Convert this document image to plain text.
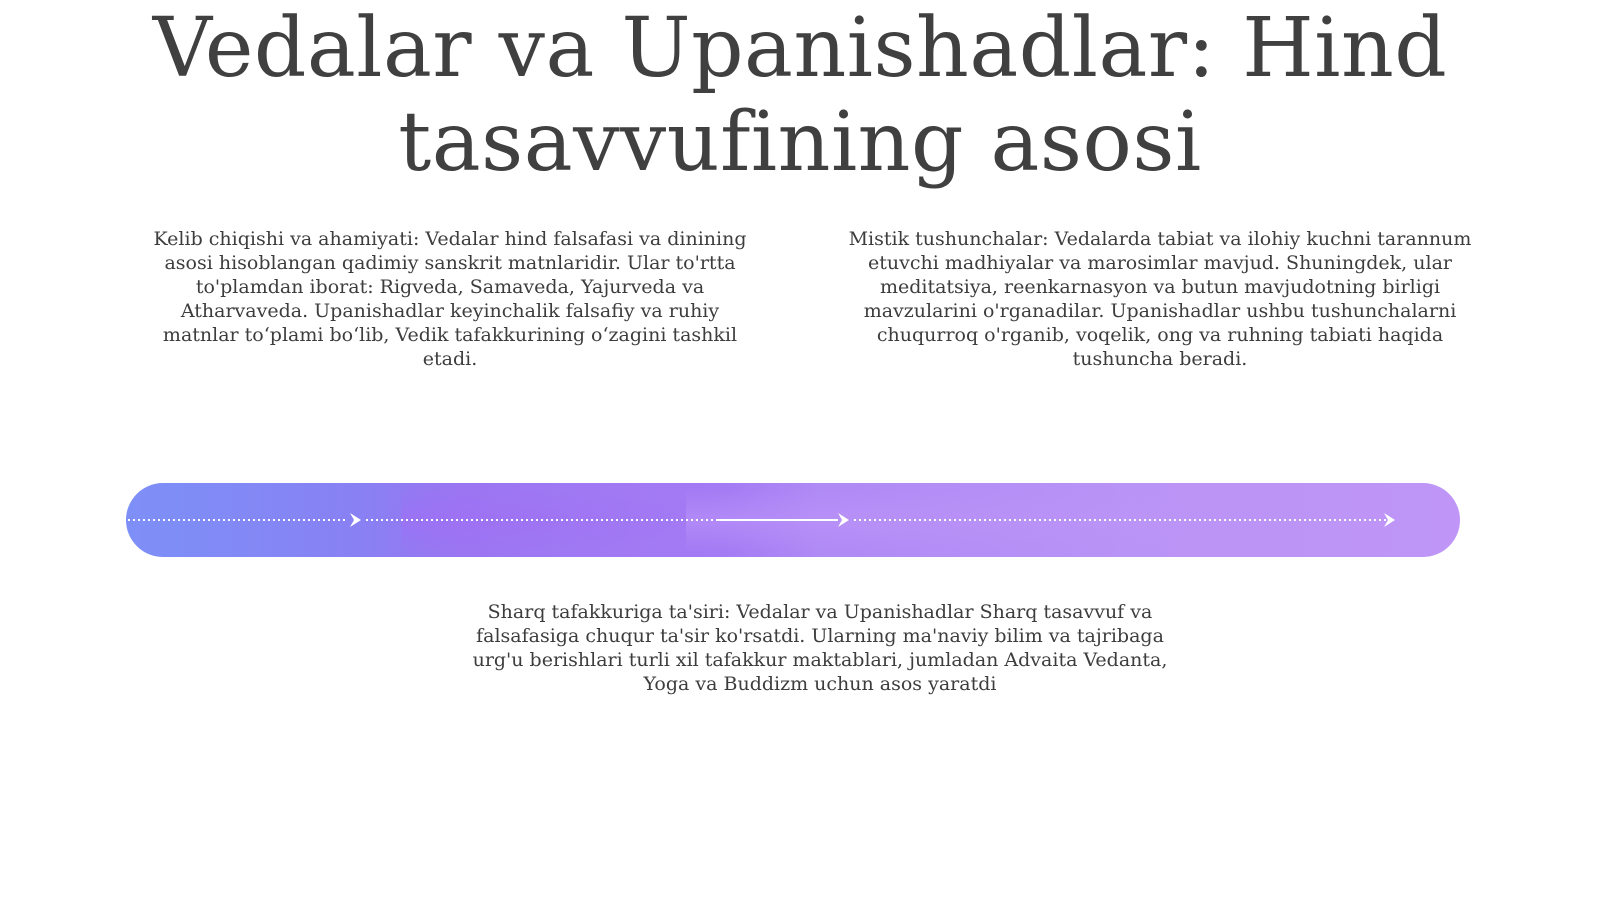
Vedalar va Upanishadlar: Hind tasavvufining asosi

Kelib chiqishi va ahamiyati: Vedalar hind falsafasi va dinining asosi hisoblangan qadimiy sanskrit matnlaridir. Ular to'rtta to'plamdan iborat: Rigveda, Samaveda, Yajurveda va Atharvaveda. Upanishadlar keyinchalik falsafiy va ruhiy matnlar toʻplami boʻlib, Vedik tafakkurining oʻzagini tashkil etadi.

Mistik tushunchalar: Vedalarda tabiat va ilohiy kuchni tarannum etuvchi madhiyalar va marosimlar mavjud. Shuningdek, ular meditatsiya, reenkarnasyon va butun mavjudotning birligi mavzularini o'rganadilar. Upanishadlar ushbu tushunchalarni chuqurroq o'rganib, voqelik, ong va ruhning tabiati haqida tushuncha beradi.

Sharq tafakkuriga ta'siri: Vedalar va Upanishadlar Sharq tasavvuf va falsafasiga chuqur ta'sir ko'rsatdi. Ularning ma'naviy bilim va tajribaga urg'u berishlari turli xil tafakkur maktablari, jumladan Advaita Vedanta, Yoga va Buddizm uchun asos yaratdi
